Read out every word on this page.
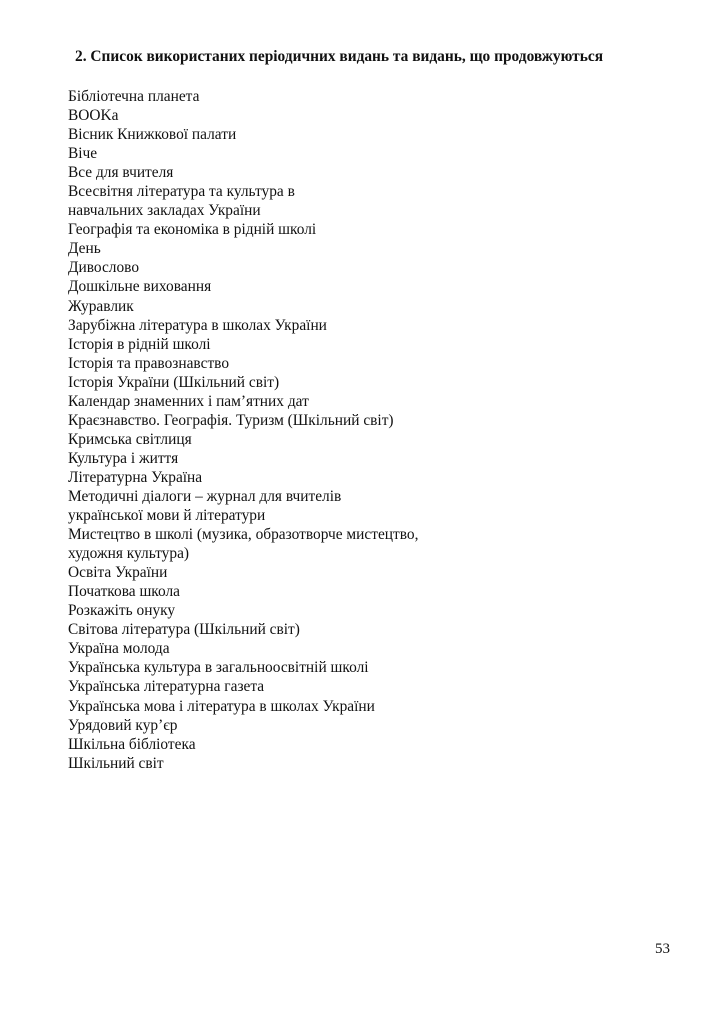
2. Список використаних періодичних видань та видань, що продовжуються
Бібліотечна планета
BOOKа
Вісник Книжкової палати
Віче
Все для вчителя
Всесвітня література та культура в
навчальних закладах України
Географія та економіка в рідній школі
День
Дивослово
Дошкільне виховання
Журавлик
Зарубіжна література в школах України
Історія в рідній школі
Історія та правознавство
Історія України (Шкільний світ)
Календар знаменних і пам’ятних дат
Краєзнавство. Географія. Туризм (Шкільний світ)
Кримська світлиця
Культура і життя
Літературна Україна
Методичні діалоги – журнал для вчителів
української мови й літератури
Мистецтво в школі (музика, образотворче мистецтво,
художня культура)
Освіта України
Початкова школа
Розкажіть онуку
Світова література (Шкільний світ)
Україна молода
Українська культура в загальноосвітній школі
Українська літературна газета
Українська мова і література в школах України
Урядовий кур’єр
Шкільна бібліотека
Шкільний світ
53
